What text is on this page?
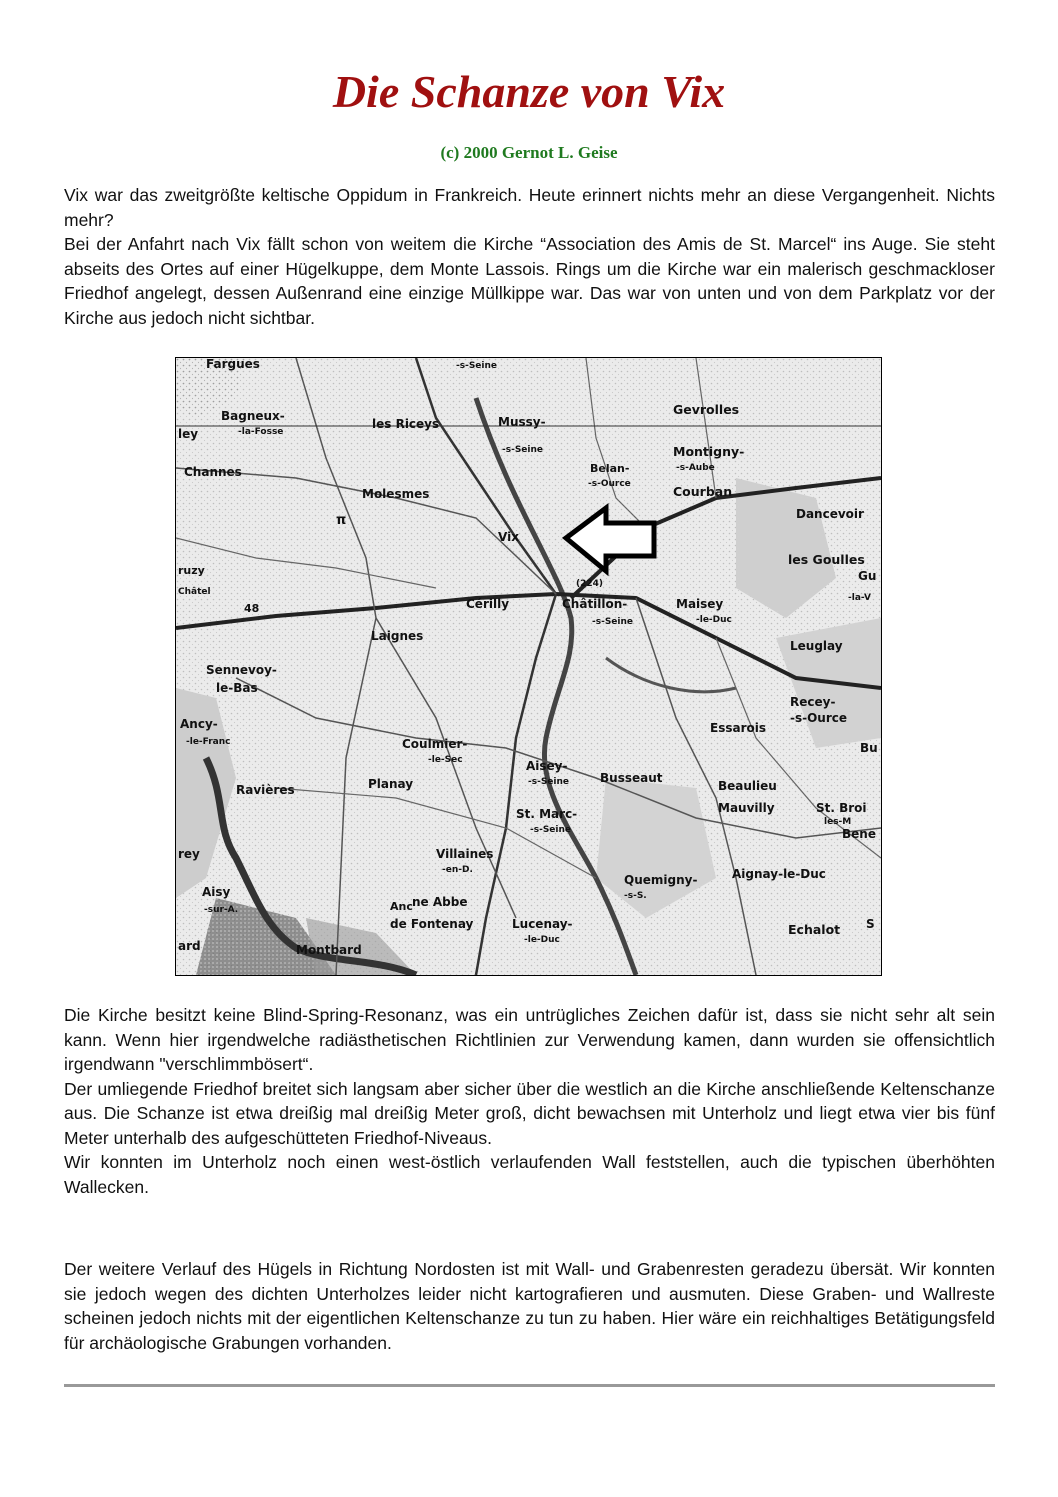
Die Schanze von Vix
(c) 2000 Gernot L. Geise

Vix war das zweitgrößte keltische Oppidum in Frankreich. Heute erinnert nichts mehr an diese Vergangenheit. Nichts mehr?

Bei der Anfahrt nach Vix fällt schon von weitem die Kirche “Association des Amis de St. Marcel“ ins Auge. Sie steht abseits des Ortes auf einer Hügelkuppe, dem Monte Lassois. Rings um die Kirche war ein malerisch geschmackloser Friedhof angelegt, dessen Außenrand eine einzige Müllkippe war. Das war von unten und von dem Parkplatz vor der Kirche aus jedoch nicht sichtbar.

Fargues	-s-Seine
Gevrolles
Bagneux-
-la-Fosse
les Riceys
ley
Mussy-
-s-Seine	Montigny-
-s-Aube
Channes	Belan-
-s-Ource	Courban
Molesmes
Dancevoir
Vix
les Goulles
ruzy
Châtel
(224)
Gu
-la-V
Cérilly	Châtillon-	Maisey
-s-Seine	-le-Duc
48
Laignes
Leuglay
Sennevoy-
le-Bas
Recey-
-s-Ource
Ancy-
-le-Franc
Essarois
Bu
Coulmier-
-le-Sec	Aisey-
-s-Seine	Busseaut
Beaulieu
Ravières	Planay
Mauvilly	St. Broi
les-M
St. Marc-
-s-Seine	Bene
rey	Villaines
-en-D.
Quemigny-
-s-S.
Aignay-le-Duc
Aisy
-sur-A.	Anc ne Abbe
de Fontenay	Lucenay-
-le-Duc
Echalot S
ard	Montbard
π

Die Kirche besitzt keine Blind-Spring-Resonanz, was ein untrügliches Zeichen dafür ist, dass sie nicht sehr alt sein kann. Wenn hier irgendwelche radiästhetischen Richtlinien zur Verwendung kamen, dann wurden sie offensichtlich irgendwann "verschlimmbösert“.

Der umliegende Friedhof breitet sich langsam aber sicher über die westlich an die Kirche anschließende Keltenschanze aus. Die Schanze ist etwa dreißig mal dreißig Meter groß, dicht bewachsen mit Unterholz und liegt etwa vier bis fünf Meter unterhalb des aufgeschütteten Friedhof-Niveaus.

Wir konnten im Unterholz noch einen west-östlich verlaufenden Wall feststellen, auch die typischen überhöhten Wallecken.

Der weitere Verlauf des Hügels in Richtung Nordosten ist mit Wall- und Grabenresten geradezu übersät. Wir konnten sie jedoch wegen des dichten Unterholzes leider nicht kartografieren und ausmuten. Diese Graben- und Wallreste scheinen jedoch nichts mit der eigentlichen Keltenschanze zu tun zu haben. Hier wäre ein reichhaltiges Betätigungsfeld für archäologische Grabungen vorhanden.
